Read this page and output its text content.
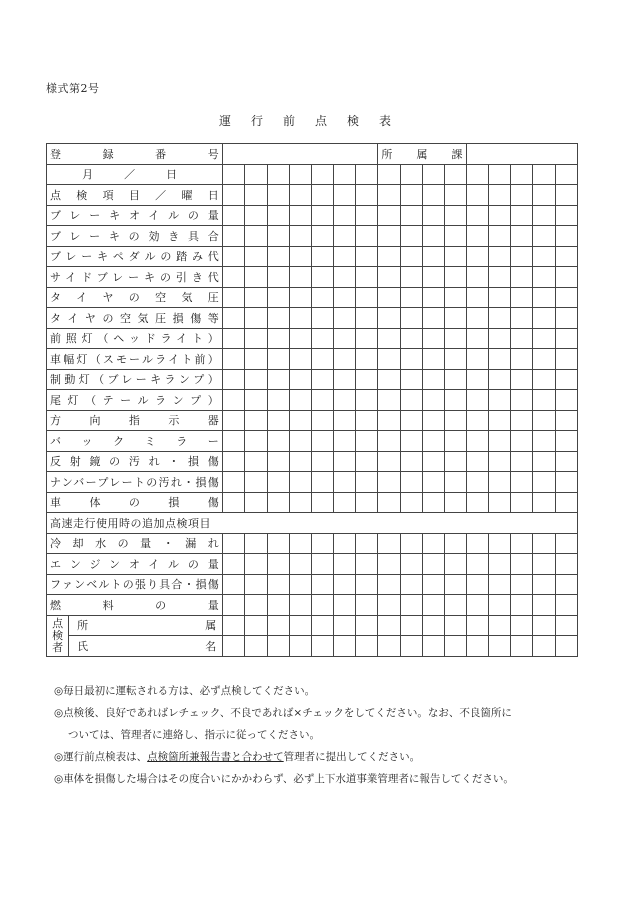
様式第2号
運行前点検表
登　録　番　号									所　属　課								
月　／　日																	
点検項目／曜日																	
ブレーキオイルの量																	
ブレーキの効き具合																	
ブレーキペダルの踏み代																	
サイドブレーキの引き代																	
タイヤの空気圧																	
タイヤの空気圧損傷等																	
前照灯（ヘッドライト）																	
車幅灯（スモールライト前）																	
制動灯（ブレーキランプ）																	
尾灯（テールランプ）																	
方向指示器																	
バックミラー																	
反射鏡の汚れ・損傷																	
ナンバープレートの汚れ・損傷																	
車体の損傷																	
高速走行使用時の追加点検項目																	
冷却水の量・漏れ																	
エンジンオイルの量																	
ファンベルトの張り具合・損傷																	
燃料の量																	

点
検
者	所　属																
	氏　名																
◎毎日最初に運転される方は、必ず点検してください。
◎点検後、良好であればレチェック、不良であれば×チェックをしてください。なお、不良箇所に
ついては、管理者に連絡し、指示に従ってください。
◎運行前点検表は、点検箇所兼報告書と合わせて管理者に提出してください。
◎車体を損傷した場合はその度合いにかかわらず、必ず上下水道事業管理者に報告してください。
